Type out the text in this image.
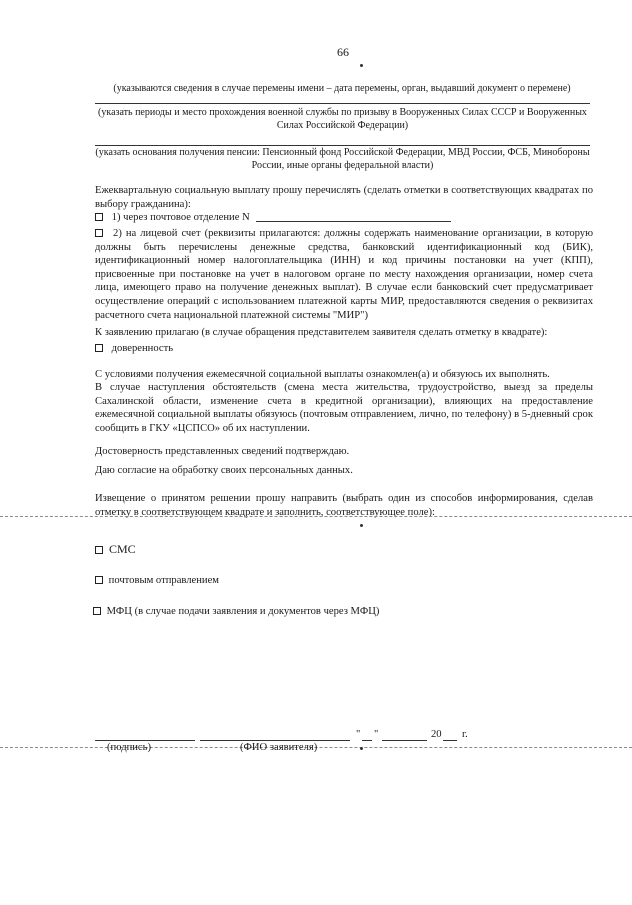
66
(указываются сведения в случае перемены имени – дата перемены, орган, выдавший документ о перемене)
(указать периоды и место прохождения военной службы по призыву в Вооруженных Силах СССР и Вооруженных Силах Российской Федерации)
(указать основания получения пенсии: Пенсионный фонд Российской Федерации, МВД России, ФСБ, Минобороны России, иные органы федеральной власти)
Ежеквартальную социальную выплату прошу перечислять (сделать отметки в соответствующих квадратах по выбору гражданина):
1) через почтовое отделение N
2) на лицевой счет (реквизиты прилагаются: должны содержать наименование организации, в которую должны быть перечислены денежные средства, банковский идентификационный код (БИК), идентификационный номер налогоплательщика (ИНН) и код причины постановки на учет (КПП), присвоенные при постановке на учет в налоговом органе по месту нахождения организации, номер счета лица, имеющего право на получение денежных выплат). В случае если банковский счет предусматривает осуществление операций с использованием платежной карты МИР, предоставляются сведения о реквизитах расчетного счета национальной платежной системы "МИР")
К заявлению прилагаю (в случае обращения представителем заявителя сделать отметку в квадрате):
доверенность
С условиями получения ежемесячной социальной выплаты ознакомлен(а) и обязуюсь их выполнять.
В случае наступления обстоятельств (смена места жительства, трудоустройство, выезд за пределы Сахалинской области, изменение счета в кредитной организации), влияющих на предоставление ежемесячной социальной выплаты обязуюсь (почтовым отправлением, лично, по телефону) в 5-дневный срок сообщить в ГКУ «ЦСПСО» об их наступлении.
Достоверность представленных сведений подтверждаю.
Даю согласие на обработку своих персональных данных.
Извещение о принятом решении прошу направить (выбрать один из способов информирования, сделав отметку в соответствующем квадрате и заполнить, соответствующее поле):
СМС
почтовым отправлением
МФЦ (в случае подачи заявления и документов через МФЦ)
" "	20 г.
(подпись)	(ФИО заявителя)
